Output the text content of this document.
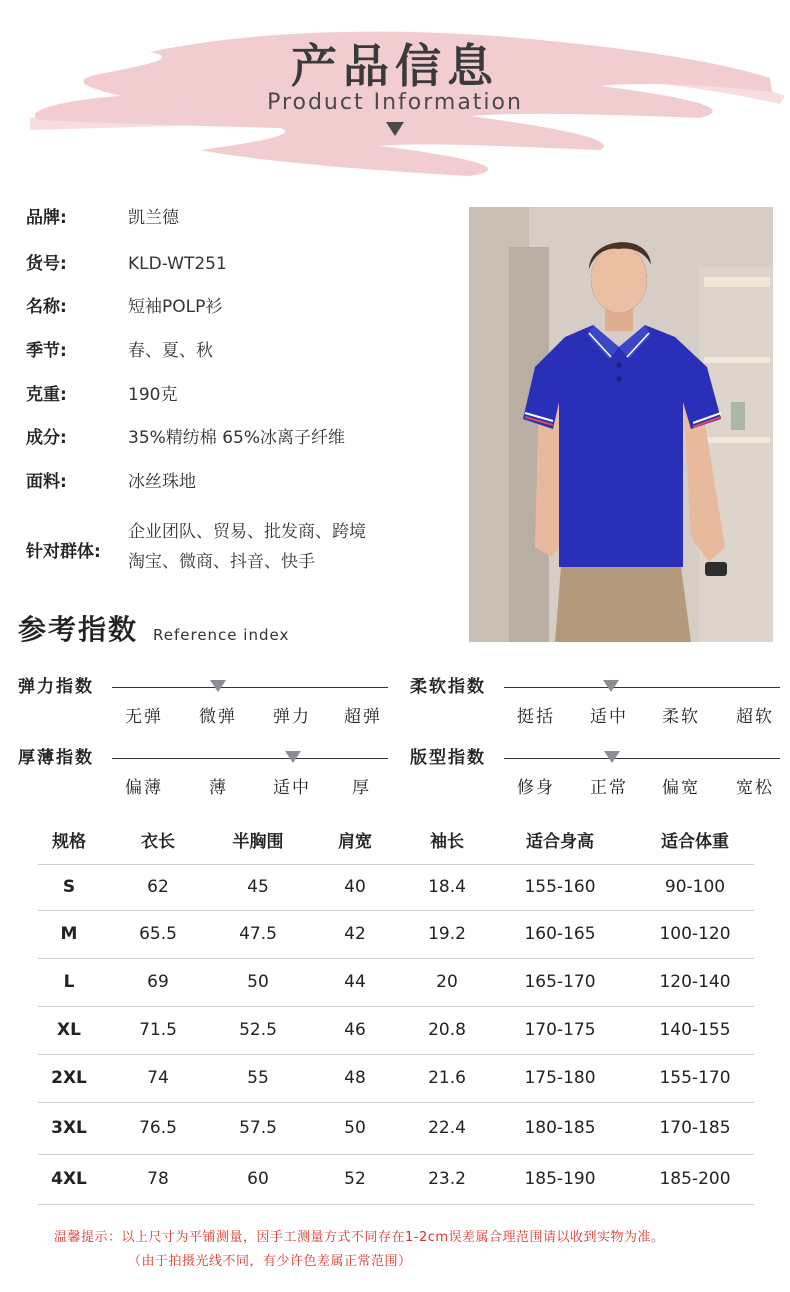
产品信息
Product Information
品牌:	凯兰德
货号:	KLD-WT251
名称:	短袖POLP衫
季节:	春、夏、秋
克重:	190克
成分:	35%精纺棉 65%冰离子纤维
面料:	冰丝珠地
针对群体:
企业团队、贸易、批发商、跨境
淘宝、微商、抖音、快手
参考指数 Reference index
弹力指数
无弹 微弹 弹力 超弹
柔软指数
挺括 适中 柔软 超软
厚薄指数
偏薄	薄	适中 厚
版型指数
修身 正常 偏宽 宽松
规格	衣长	半胸围	肩宽	袖长	适合身高	适合体重
S	62	45	40	18.4	155-160	90-100
M	65.5	47.5	42	19.2	160-165	100-120
L	69	50	44	20	165-170	120-140
XL	71.5	52.5	46	20.8	170-175	140-155
2XL	74	55	48	21.6	175-180	155-170
3XL	76.5	57.5	50	22.4	180-185	170-185
4XL	78	60	52	23.2	185-190	185-200
温馨提示：以上尺寸为平铺测量，因手工测量方式不同存在1-2cm误差属合理范围请以收到实物为准。
（由于拍摄光线不同，有少许色差属正常范围）
